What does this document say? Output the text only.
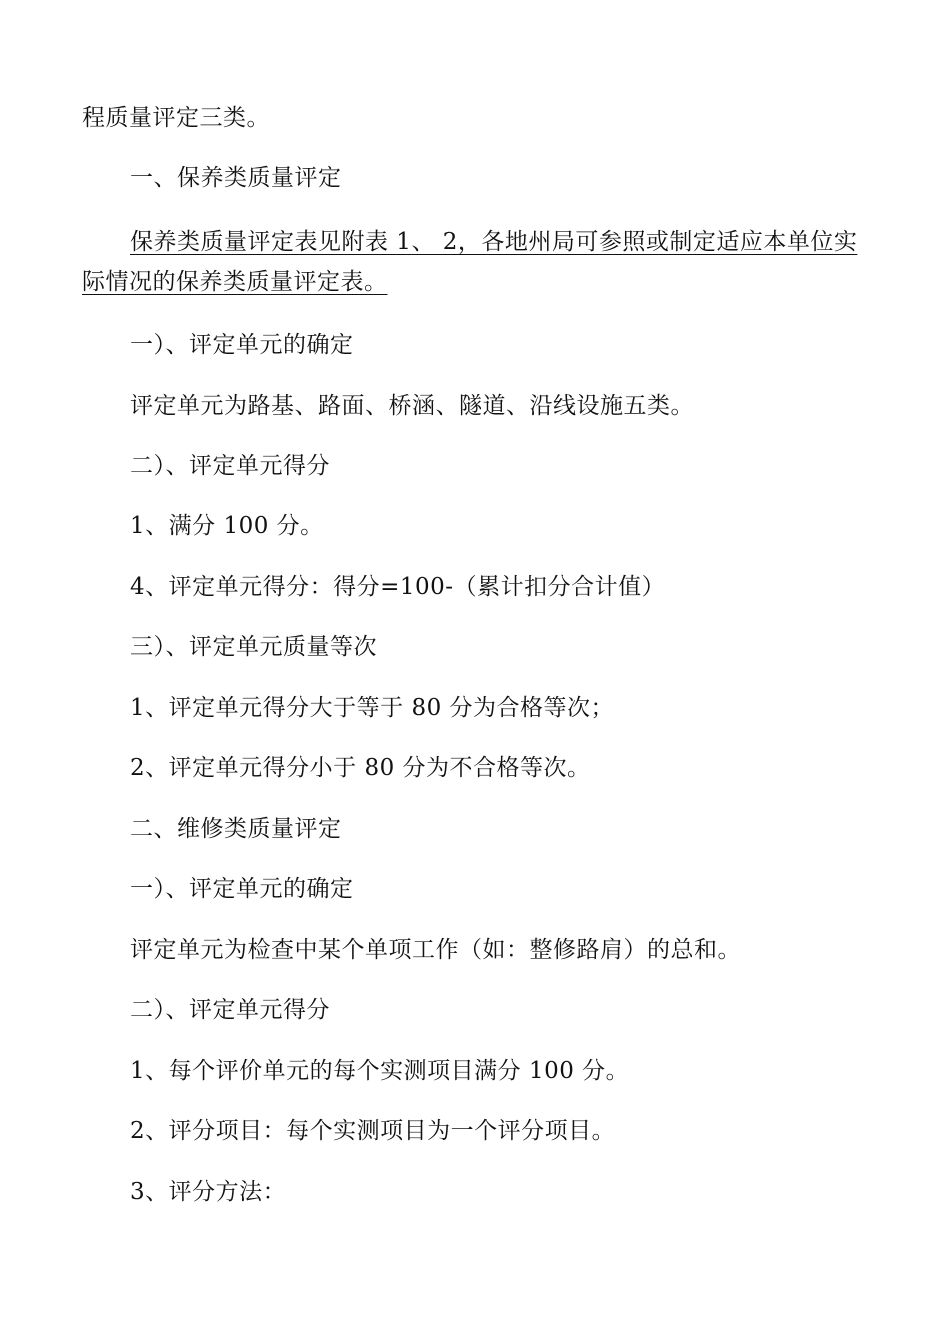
程质量评定三类。
一、保养类质量评定
保养类质量评定表见附表 1、 2，各地州局可参照或制定适应本单位实
际情况的保养类质量评定表。
一）、评定单元的确定
评定单元为路基、路面、桥涵、隧道、沿线设施五类。
二）、评定单元得分
1、满分 100 分。
4、评定单元得分：得分=100-（累计扣分合计值）
三）、评定单元质量等次
1、评定单元得分大于等于 80 分为合格等次；
2、评定单元得分小于 80 分为不合格等次。
二、维修类质量评定
一）、评定单元的确定
评定单元为检查中某个单项工作（如：整修路肩）的总和。
二）、评定单元得分
1、每个评价单元的每个实测项目满分 100 分。
2、评分项目：每个实测项目为一个评分项目。
3、评分方法：
